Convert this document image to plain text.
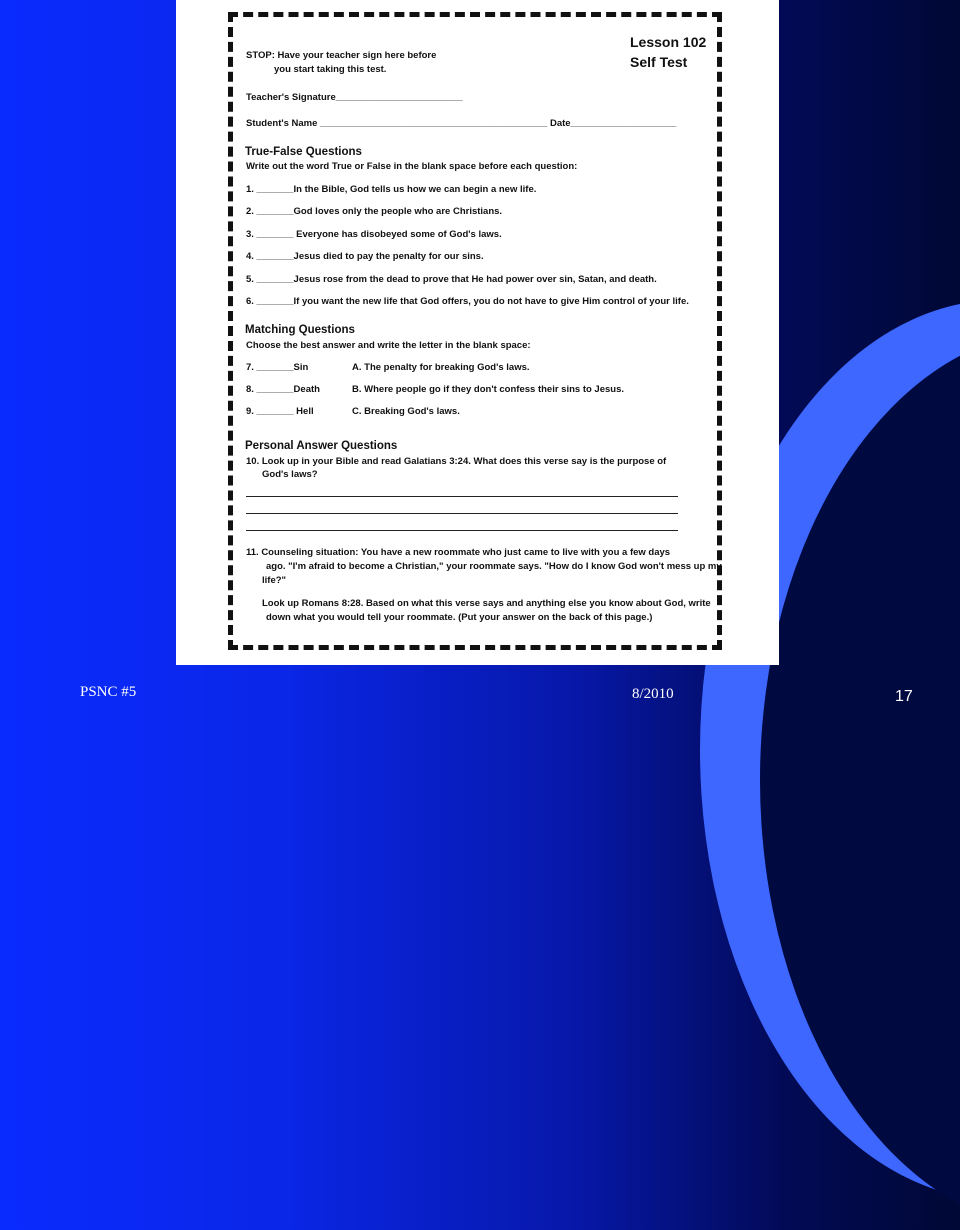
Lesson 102
Self Test
STOP: Have your teacher sign here before
you start taking this test.
Teacher's Signature________________________
Student's Name ___________________________________________ Date____________________
True-False Questions
Write out the word True or False in the blank space before each question:
1. _______In the Bible, God tells us how we can begin a new life.
2. _______God loves only the people who are Christians.
3. _______ Everyone has disobeyed some of God's laws.
4. _______Jesus died to pay the penalty for our sins.
5. _______Jesus rose from the dead to prove that He had power over sin, Satan, and death.
6. _______If you want the new life that God offers, you do not have to give Him control of your life.
Matching Questions
Choose the best answer and write the letter in the blank space:
7. _______Sin	A. The penalty for breaking God's laws.
8. _______Death	B. Where people go if they don't confess their sins to Jesus.
9. _______ Hell	C. Breaking God's laws.
Personal Answer Questions
10. Look up in your Bible and read Galatians 3:24. What does this verse say is the purpose of
God's laws?
11. Counseling situation: You have a new roommate who just came to live with you a few days
ago. "I'm afraid to become a Christian," your roommate says. "How do I know God won't mess up my
life?"
Look up Romans 8:28. Based on what this verse says and anything else you know about God, write
down what you would tell your roommate. (Put your answer on the back of this page.)
PSNC #5	8/2010	17
